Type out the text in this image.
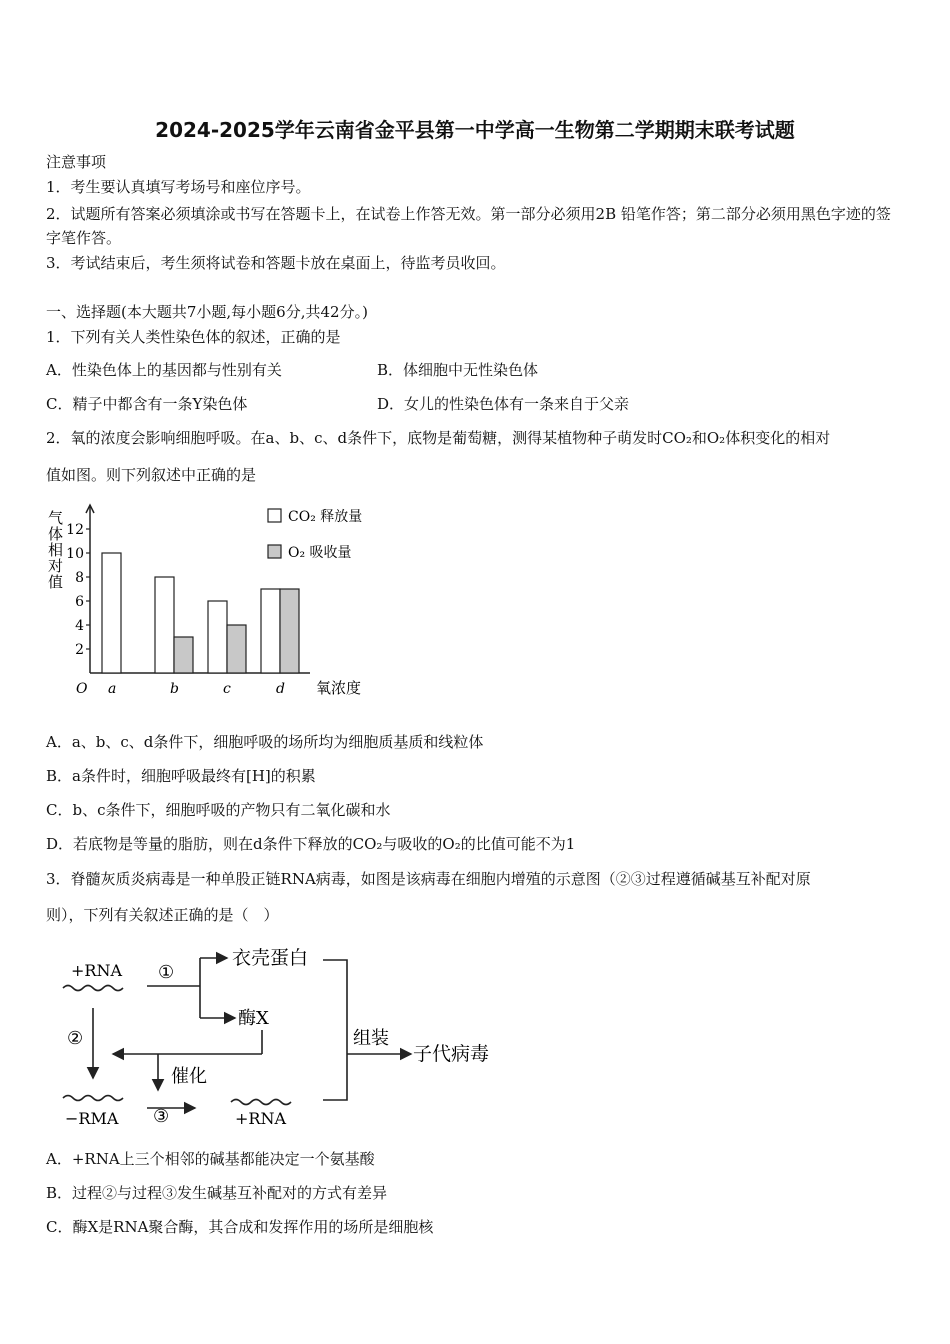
2024-2025学年云南省金平县第一中学高一生物第二学期期末联考试题
注意事项
1．考生要认真填写考场号和座位序号。
2．试题所有答案必须填涂或书写在答题卡上，在试卷上作答无效。第一部分必须用2B 铅笔作答；第二部分必须用黑色字迹的签字笔作答。
3．考试结束后，考生须将试卷和答题卡放在桌面上，待监考员收回。
一、选择题(本大题共7小题,每小题6分,共42分。)
1．下列有关人类性染色体的叙述，正确的是
A．性染色体上的基因都与性别有关	B．体细胞中无性染色体
C．精子中都含有一条Y染色体	D．女儿的性染色体有一条来自于父亲
2．氧的浓度会影响细胞呼吸。在a、b、c、d条件下，底物是葡萄糖，测得某植物种子萌发时CO₂和O₂体积变化的相对
值如图。则下列叙述中正确的是
2
4
6
8
10
12
气
体
相
对
值
O	氧浓度
a	b	c	d
CO₂ 释放量
O₂ 吸收量
A．a、b、c、d条件下，细胞呼吸的场所均为细胞质基质和线粒体
B．a条件时，细胞呼吸最终有[H]的积累
C．b、c条件下，细胞呼吸的产物只有二氧化碳和水
D．若底物是等量的脂肪，则在d条件下释放的CO₂与吸收的O₂的比值可能不为1
3．脊髓灰质炎病毒是一种单股正链RNA病毒，如图是该病毒在细胞内增殖的示意图（②③过程遵循碱基互补配对原
则），下列有关叙述正确的是（　）
+RNA ①
衣壳蛋白
酶X
催化
②
−RMA ③	+RNA
组装
子代病毒
A．+RNA上三个相邻的碱基都能决定一个氨基酸
B．过程②与过程③发生碱基互补配对的方式有差异
C．酶X是RNA聚合酶，其合成和发挥作用的场所是细胞核
